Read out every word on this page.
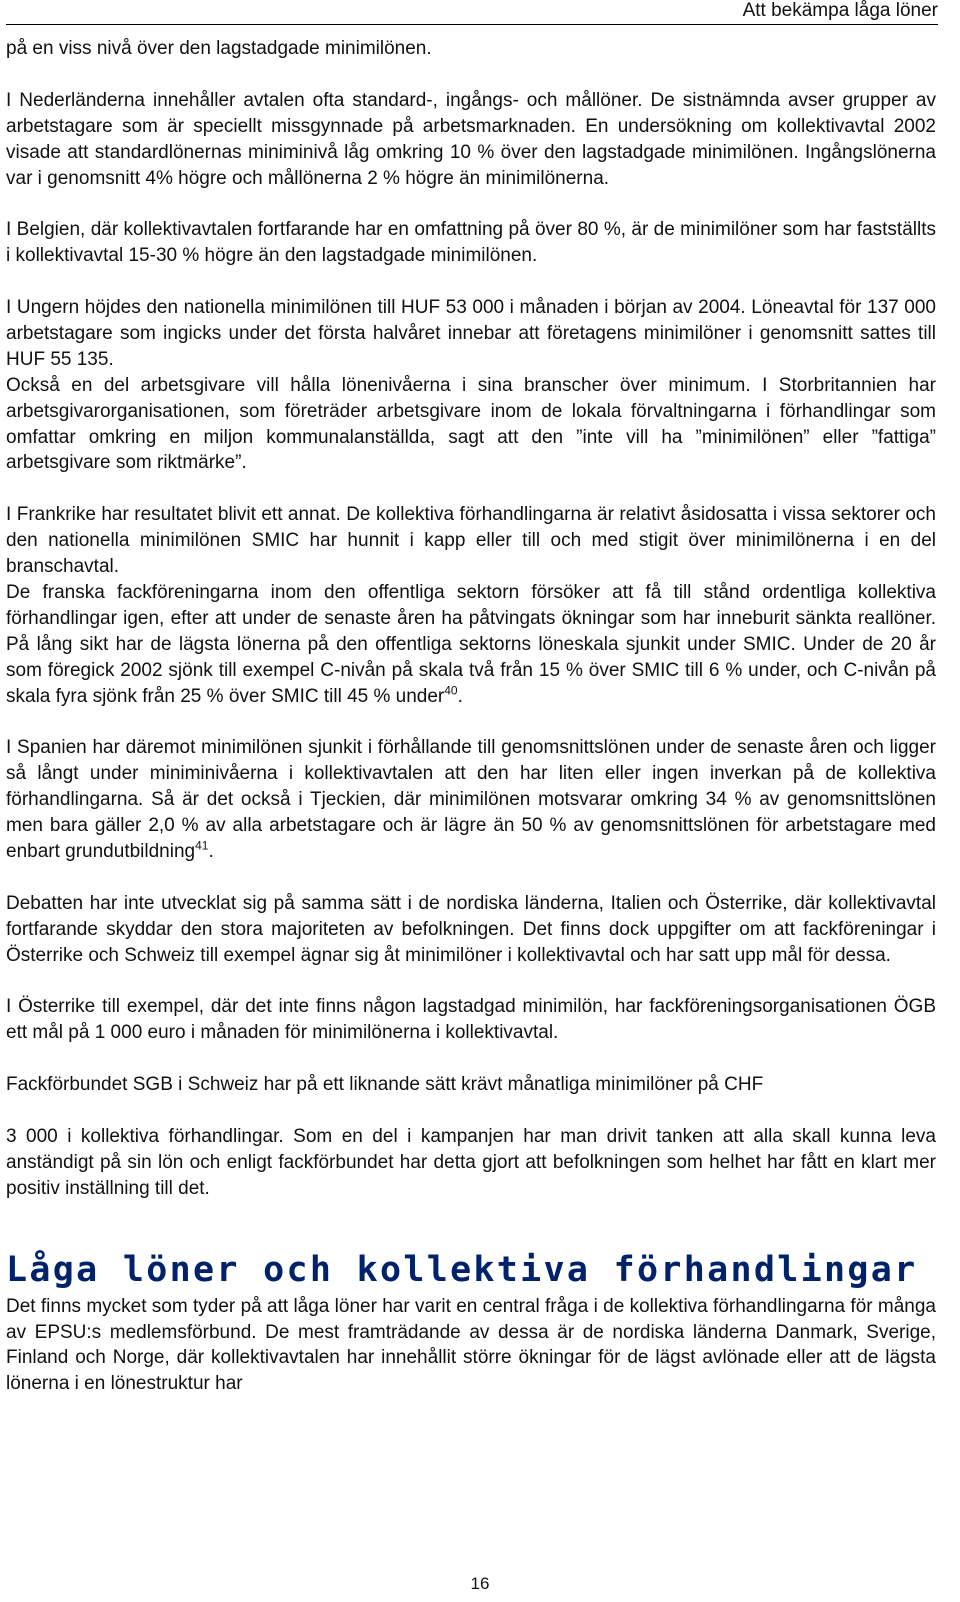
Att bekämpa låga löner

på en viss nivå över den lagstadgade minimilönen.

I Nederländerna innehåller avtalen ofta standard-, ingångs- och mållöner. De sistnämnda avser grupper av arbetstagare som är speciellt missgynnade på arbetsmarknaden. En undersökning om kollektivavtal 2002 visade att standardlönernas miniminivå låg omkring 10 % över den lagstadgade minimilönen. Ingångslönerna var i genomsnitt 4% högre och mållönerna 2 % högre än minimilönerna.

I Belgien, där kollektivavtalen fortfarande har en omfattning på över 80 %, är de minimilöner som har fastställts i kollektivavtal 15-30 % högre än den lagstadgade minimilönen.

I Ungern höjdes den nationella minimilönen till HUF 53 000 i månaden i början av 2004. Löneavtal för 137 000 arbetstagare som ingicks under det första halvåret innebar att företagens minimilöner i genomsnitt sattes till HUF 55 135.

Också en del arbetsgivare vill hålla lönenivåerna i sina branscher över minimum. I Storbritannien har arbetsgivarorganisationen, som företräder arbetsgivare inom de lokala förvaltningarna i förhandlingar som omfattar omkring en miljon kommunalanställda, sagt att den ”inte vill ha ”minimilönen” eller ”fattiga” arbetsgivare som riktmärke”.

I Frankrike har resultatet blivit ett annat. De kollektiva förhandlingarna är relativt åsidosatta i vissa sektorer och den nationella minimilönen SMIC har hunnit i kapp eller till och med stigit över minimilönerna i en del branschavtal.

De franska fackföreningarna inom den offentliga sektorn försöker att få till stånd ordentliga kollektiva förhandlingar igen, efter att under de senaste åren ha påtvingats ökningar som har inneburit sänkta reallöner. På lång sikt har de lägsta lönerna på den offentliga sektorns löneskala sjunkit under SMIC. Under de 20 år som föregick 2002 sjönk till exempel C-nivån på skala två från 15 % över SMIC till 6 % under, och C-nivån på skala fyra sjönk från 25 % över SMIC till 45 % under$^{40}$.

I Spanien har däremot minimilönen sjunkit i förhållande till genomsnittslönen under de senaste åren och ligger så långt under miniminivåerna i kollektivavtalen att den har liten eller ingen inverkan på de kollektiva förhandlingarna. Så är det också i Tjeckien, där minimilönen motsvarar omkring 34 % av genomsnittslönen men bara gäller 2,0 % av alla arbetstagare och är lägre än 50 % av genomsnittslönen för arbetstagare med enbart grundutbildning$^{41}$.

Debatten har inte utvecklat sig på samma sätt i de nordiska länderna, Italien och Österrike, där kollektivavtal fortfarande skyddar den stora majoriteten av befolkningen. Det finns dock uppgifter om att fackföreningar i Österrike och Schweiz till exempel ägnar sig åt minimilöner i kollektivavtal och har satt upp mål för dessa.

I Österrike till exempel, där det inte finns någon lagstadgad minimilön, har fackföreningsorganisationen ÖGB ett mål på 1 000 euro i månaden för minimilönerna i kollektivavtal.

Fackförbundet SGB i Schweiz har på ett liknande sätt krävt månatliga minimilöner på CHF

3 000 i kollektiva förhandlingar. Som en del i kampanjen har man drivit tanken att alla skall kunna leva anständigt på sin lön och enligt fackförbundet har detta gjort att befolkningen som helhet har fått en klart mer positiv inställning till det.

Låga löner och kollektiva förhandlingar

Det finns mycket som tyder på att låga löner har varit en central fråga i de kollektiva förhandlingarna för många av EPSU:s medlemsförbund. De mest framträdande av dessa är de nordiska länderna Danmark, Sverige, Finland och Norge, där kollektivavtalen har innehållit större ökningar för de lägst avlönade eller att de lägsta lönerna i en lönestruktur har

16
